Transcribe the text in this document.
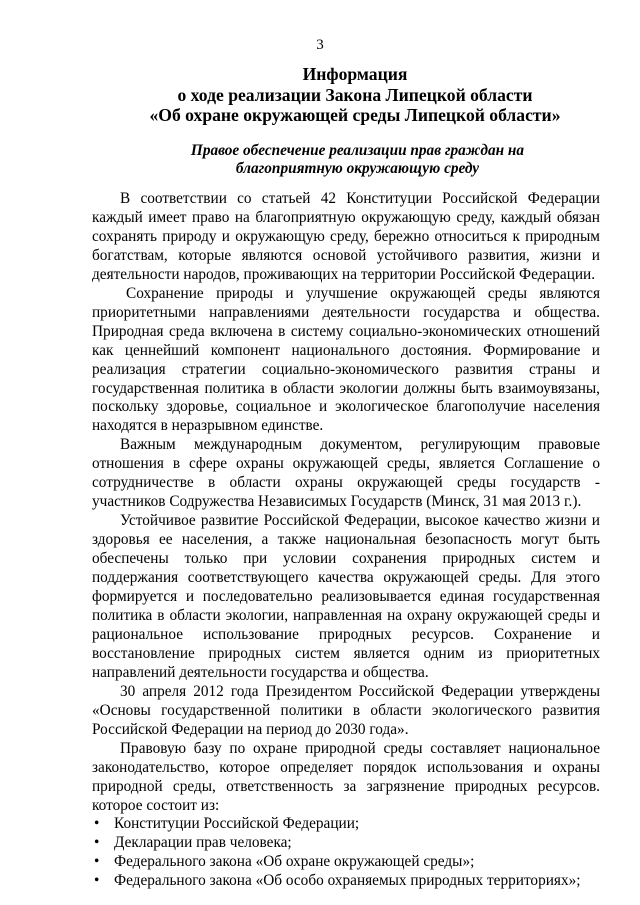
3
Информация
о ходе реализации Закона Липецкой области
«Об охране окружающей среды Липецкой области»
Правое обеспечение реализации прав граждан на
благоприятную окружающую среду
В соответствии со статьей 42 Конституции Российской Федерации
каждый имеет право на благоприятную окружающую среду, каждый обязан
сохранять природу и окружающую среду, бережно относиться к природным
богатствам, которые являются основой устойчивого развития, жизни и
деятельности народов, проживающих на территории Российской Федерации.
Сохранение природы и улучшение окружающей среды являются
приоритетными направлениями деятельности государства и общества.
Природная среда включена в систему социально-экономических отношений
как ценнейший компонент национального достояния. Формирование и
реализация стратегии социально-экономического развития страны и
государственная политика в области экологии должны быть взаимоувязаны,
поскольку здоровье, социальное и экологическое благополучие населения
находятся в неразрывном единстве.
Важным международным документом, регулирующим правовые
отношения в сфере охраны окружающей среды, является Соглашение о
сотрудничестве в области охраны окружающей среды государств -
участников Содружества Независимых Государств (Минск, 31 мая 2013 г.).
Устойчивое развитие Российской Федерации, высокое качество жизни и
здоровья ее населения, а также национальная безопасность могут быть
обеспечены только при условии сохранения природных систем и
поддержания соответствующего качества окружающей среды. Для этого
формируется и последовательно реализовывается единая государственная
политика в области экологии, направленная на охрану окружающей среды и
рациональное использование природных ресурсов. Сохранение и
восстановление природных систем является одним из приоритетных
направлений деятельности государства и общества.
30 апреля 2012 года Президентом Российской Федерации утверждены
«Основы государственной политики в области экологического развития
Российской Федерации на период до 2030 года».
Правовую базу по охране природной среды составляет национальное
законодательство, которое определяет порядок использования и охраны
природной среды, ответственность за загрязнение природных ресурсов.
которое состоит из:
• Конституции Российской Федерации;
• Декларации прав человека;
• Федерального закона «Об охране окружающей среды»;
• Федерального закона «Об особо охраняемых природных территориях»;
